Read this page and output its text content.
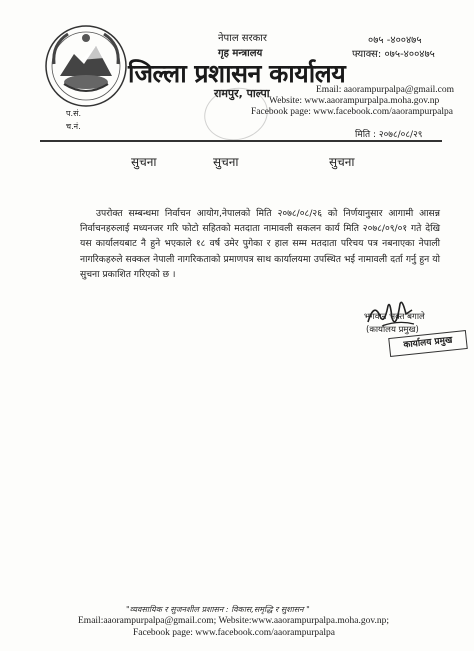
नेपाल सरकार
गृह मन्त्रालय
जिल्ला प्रशासन कार्यालय
रामपुर, पाल्पा
०७५ -४००४७५
फ्याक्स: ०७५-४००४७५
Email: aaorampurpalpa@gmail.com
Website: www.aaorampurpalpa.moha.gov.np
Facebook page: www.facebook.com/aaorampurpalpa
प.सं.
च.नं.
मिति : २०७८/०८/२९
सुचना	सुचना	सुचना
उपरोक्त सम्बन्धमा निर्वाचन आयोग,नेपालको मिति २०७८/०८/२६ को निर्णयानुसार आगामी आसन्न निर्वाचनहरुलाई मध्यनजर गरि फोटो सहितको मतदाता नामावली सकलन कार्य मिति २०७८/०९/०१ गते देखि यस कार्यालयबाट नै हुने भएकाले १८ वर्ष उमेर पुगेका र हाल सम्म मतदाता परिचय पत्र नबनाएका नेपाली नागरिकहरुले सक्कल नेपाली नागरिकताको प्रमाणपत्र साथ कार्यालयमा उपस्थित भई नामावली दर्ता गर्नु हुन यो सुचना प्रकाशित गरिएको छ ।
भगवान भक्त बगाले
(कार्यालय प्रमुख)
कार्यालय प्रमुख
"व्यवसायिक र सुजनशील प्रशासन : विकास,समृद्धि र सुशासन "
Email:aaorampurpalpa@gmail.com; Website:www.aaorampurpalpa.moha.gov.np;
Facebook page: www.facebook.com/aaorampurpalpa
